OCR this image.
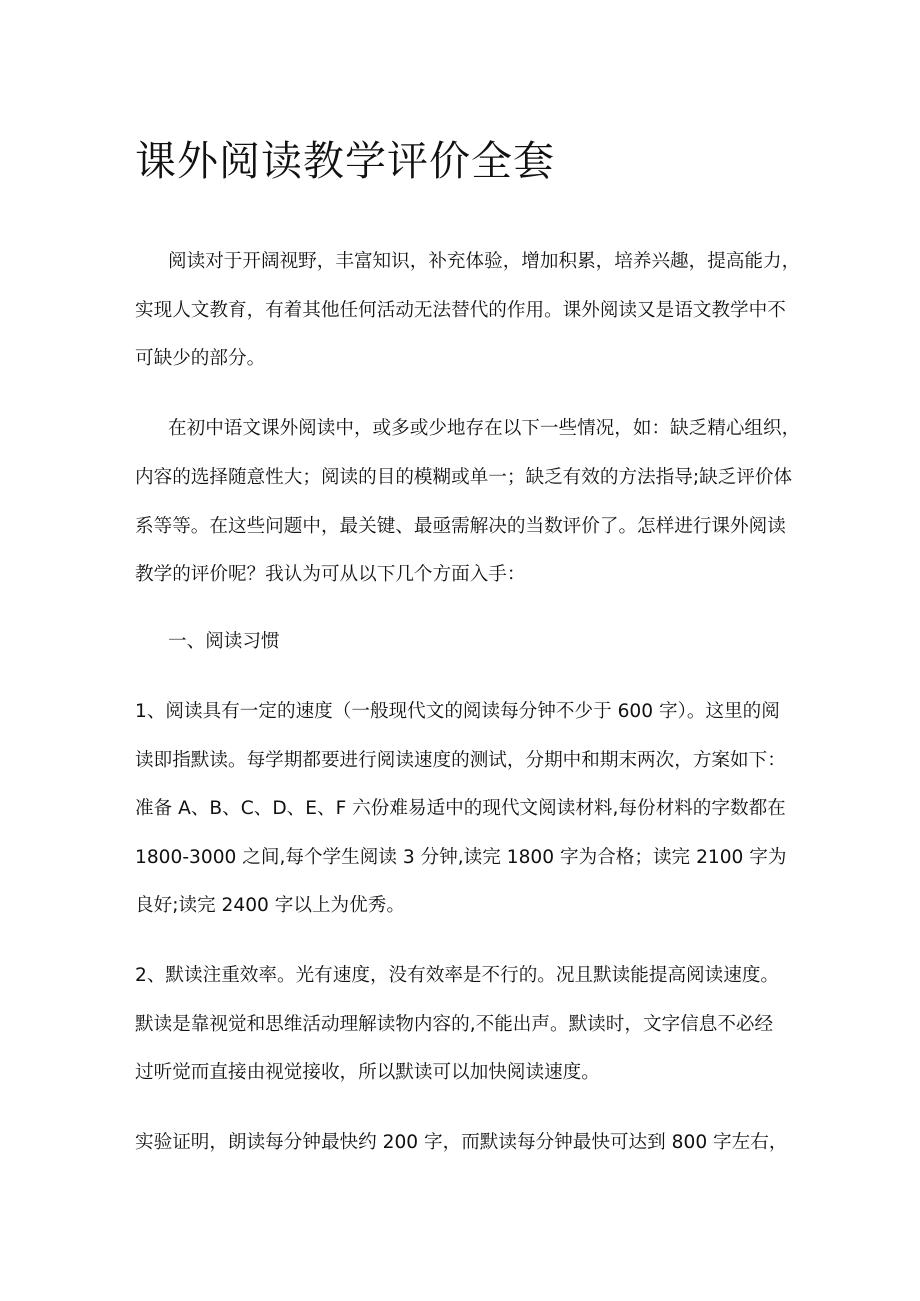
课外阅读教学评价全套

阅读对于开阔视野，丰富知识，补充体验，增加积累，培养兴趣，提高能力，

实现人文教育，有着其他任何活动无法替代的作用。课外阅读又是语文教学中不

可缺少的部分。

在初中语文课外阅读中，或多或少地存在以下一些情况，如：缺乏精心组织，

内容的选择随意性大；阅读的目的模糊或单一；缺乏有效的方法指导;缺乏评价体

系等等。在这些问题中，最关键、最亟需解决的当数评价了。怎样进行课外阅读

教学的评价呢？我认为可从以下几个方面入手：

一、阅读习惯

1、阅读具有一定的速度（一般现代文的阅读每分钟不少于 600 字）。这里的阅

读即指默读。每学期都要进行阅读速度的测试，分期中和期末两次，方案如下：

准备 A、B、C、D、E、F 六份难易适中的现代文阅读材料,每份材料的字数都在

1800-3000 之间,每个学生阅读 3 分钟,读完 1800 字为合格；读完 2100 字为

良好;读完 2400 字以上为优秀。

2、默读注重效率。光有速度，没有效率是不行的。况且默读能提高阅读速度。

默读是靠视觉和思维活动理解读物内容的,不能出声。默读时，文字信息不必经

过听觉而直接由视觉接收，所以默读可以加快阅读速度。

实验证明，朗读每分钟最快约 200 字，而默读每分钟最快可达到 800 字左右，
